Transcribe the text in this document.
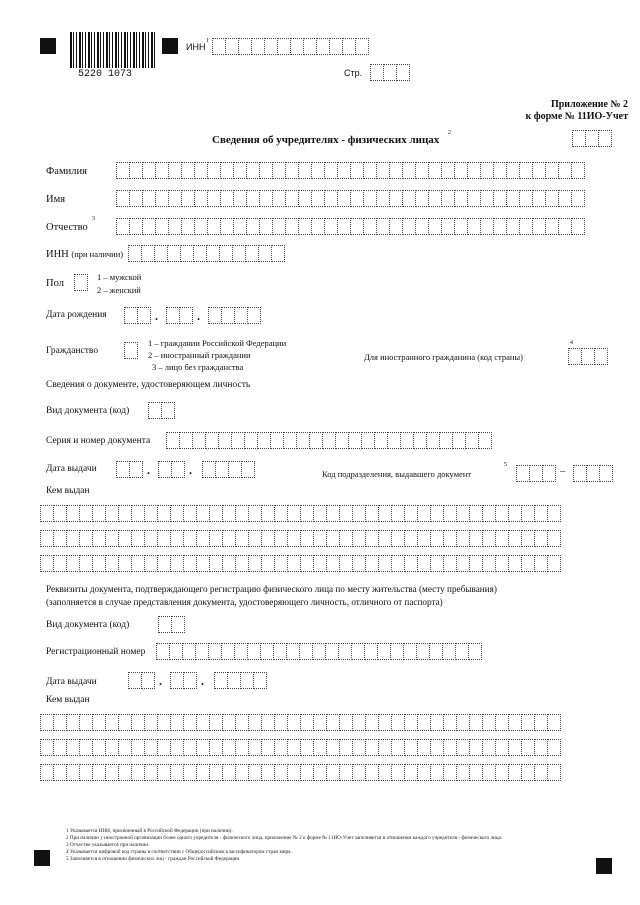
5220 1073
ИНН
1
Стр.
Приложение № 2
к форме № 11ИО-Учет
Сведения об учредителях - физических лицах
2
Фамилия
Имя
Отчество
3
ИНН (при наличии)
Пол
1 – мужской
2 – женский
Дата рождения	.	.
Гражданство
1 – граждании Российской Федерации
2 – иностранный граждании
3 – лицо без гражданства
Для иностранного гражданина (код страны)
4
Сведения о документе, удостоверяющем личность
Вид документа (код)
Серия и номер документа
Дата выдачи	.	.	Код подразделения, выдавшего документ
5
–
Кем выдан
Реквизиты документа, подтверждающего регистрацию физического лица по месту жительства (месту пребывания)
(заполняется в случае представления документа, удостоверяющего личность, отличного от паспорта)
Вид документа (код)
Регистрационный номер
Дата выдачи	.	.
Кем выдан
1 Указывается ИНН, присвоенный в Российской Федерации (при наличии).
2 При наличии у иностранной организации более одного учредителя - физического лица, приложение № 2 к форме № 11ИО-Учет заполняется в отношении каждого учредителя - физического лица.
3 Отчество указывается при наличии.
4 Указывается цифровой код страны в соответствии с Общероссийским классификатором стран мира.
5 Заполняется в отношении физических лиц - граждан Российской Федерации.
